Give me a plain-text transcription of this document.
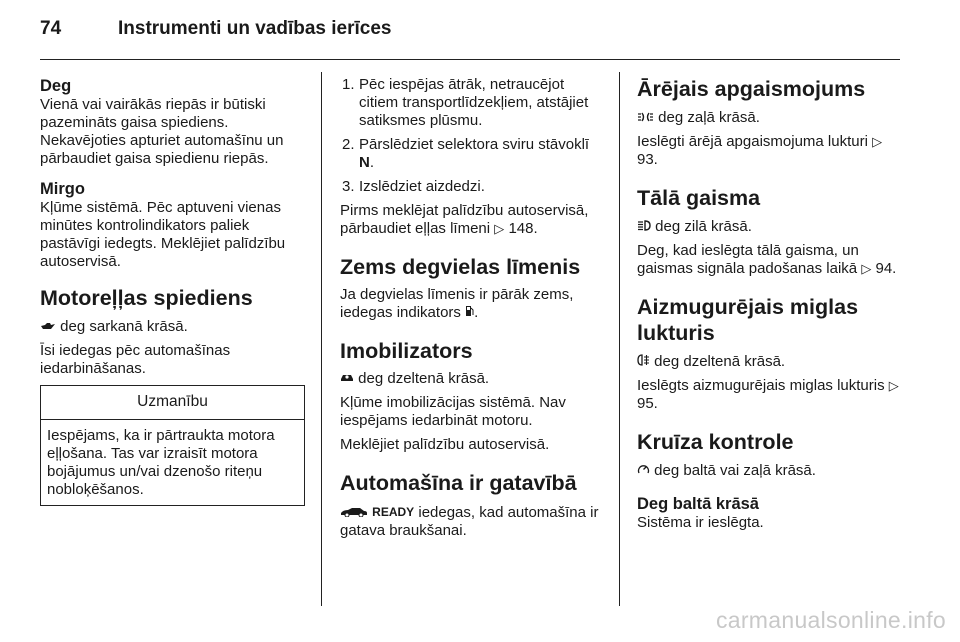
74	Instrumenti un vadības ierīces

Deg

Vienā vai vairākās riepās ir būtiski pazemināts gaisa spiediens. Nekavējoties apturiet automašīnu un pārbaudiet gaisa spiedienu riepās.

Mirgo

Kļūme sistēmā. Pēc aptuveni vienas minūtes kontrolindikators paliek pastāvīgi iedegts. Meklējiet palīdzību autoservisā.

Motoreļļas spiediens

deg sarkanā krāsā.

Īsi iedegas pēc automašīnas iedarbināšanas.

Uzmanību
Iespējams, ka ir pārtraukta motora eļļošana. Tas var izraisīt motora bojājumus un/vai dzenošo riteņu nobloķēšanos.
1. Pēc iespējas ātrāk, netraucējot citiem transportlīdzekļiem, atstājiet satiksmes plūsmu.
2. Pārslēdziet selektora sviru stāvoklī N.
3. Izslēdziet aizdedzi.

Pirms meklējat palīdzību autoservisā, pārbaudiet eļļas līmeni ▷ 148.

Zems degvielas līmenis

Ja degvielas līmenis ir pārāk zems, iedegas indikators .

Imobilizators

deg dzeltenā krāsā.

Kļūme imobilizācijas sistēmā. Nav iespējams iedarbināt motoru.

Meklējiet palīdzību autoservisā.

Automašīna ir gatavībā

READY iedegas, kad automašīna ir gatava braukšanai.

Ārējais apgaismojums

deg zaļā krāsā.

Ieslēgti ārējā apgaismojuma lukturi ▷ 93.

Tālā gaisma

deg zilā krāsā.

Deg, kad ieslēgta tālā gaisma, un gaismas signāla padošanas laikā ▷ 94.

Aizmugurējais miglas lukturis

deg dzeltenā krāsā.

Ieslēgts aizmugurējais miglas lukturis ▷ 95.

Kruīza kontrole

deg baltā vai zaļā krāsā.

Deg baltā krāsā

Sistēma ir ieslēgta.

carmanualsonline.info
